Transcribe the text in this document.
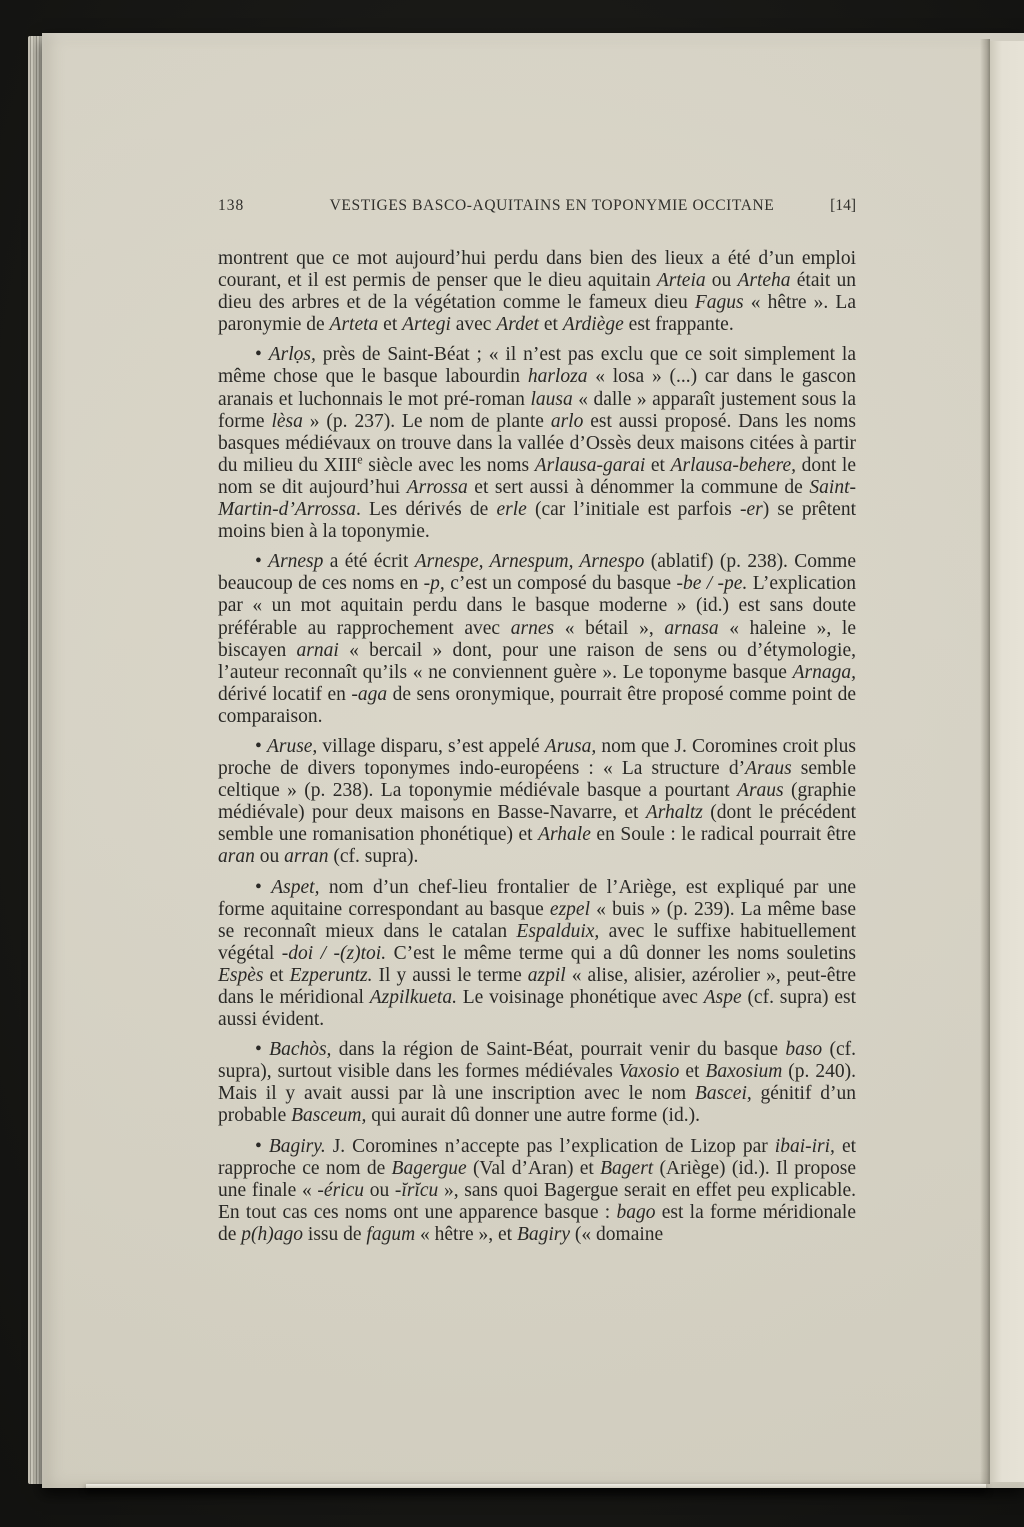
138	VESTIGES BASCO-AQUITAINS EN TOPONYMIE OCCITANE	[14]

montrent que ce mot aujourd’hui perdu dans bien des lieux a été d’un emploi courant, et il est permis de penser que le dieu aquitain Arteia ou Arteha était un dieu des arbres et de la végétation comme le fameux dieu Fagus « hêtre ». La paronymie de Arteta et Artegi avec Ardet et Ardiège est frappante.

• Arlọs, près de Saint-Béat ; « il n’est pas exclu que ce soit simplement la même chose que le basque labourdin harloza « losa » (...) car dans le gascon aranais et luchonnais le mot pré-roman lausa « dalle » apparaît justement sous la forme lèsa » (p. 237). Le nom de plante arlo est aussi proposé. Dans les noms basques médiévaux on trouve dans la vallée d’Ossès deux maisons citées à partir du milieu du XIIIe siècle avec les noms Arlausa-garai et Arlausa-behere, dont le nom se dit aujourd’hui Arrossa et sert aussi à dénommer la commune de Saint-Martin-d’Arrossa. Les dérivés de erle (car l’initiale est parfois -er) se prêtent moins bien à la toponymie.

• Arnesp a été écrit Arnespe, Arnespum, Arnespo (ablatif) (p. 238). Comme beaucoup de ces noms en -p, c’est un composé du basque -be / -pe. L’explication par « un mot aquitain perdu dans le basque moderne » (id.) est sans doute préférable au rapprochement avec arnes « bétail », arnasa « haleine », le biscayen arnai « bercail » dont, pour une raison de sens ou d’étymologie, l’auteur reconnaît qu’ils « ne conviennent guère ». Le toponyme basque Arnaga, dérivé locatif en -aga de sens oronymique, pourrait être proposé comme point de comparaison.

• Aruse, village disparu, s’est appelé Arusa, nom que J. Coromines croit plus proche de divers toponymes indo-européens : « La structure d’Araus semble celtique » (p. 238). La toponymie médiévale basque a pourtant Araus (graphie médiévale) pour deux maisons en Basse-Navarre, et Arhaltz (dont le précédent semble une romanisation phonétique) et Arhale en Soule : le radical pourrait être aran ou arran (cf. supra).

• Aspet, nom d’un chef-lieu frontalier de l’Ariège, est expliqué par une forme aquitaine correspondant au basque ezpel « buis » (p. 239). La même base se reconnaît mieux dans le catalan Espalduix, avec le suffixe habituellement végétal -doi / -(z)toi. C’est le même terme qui a dû donner les noms souletins Espès et Ezperuntz. Il y aussi le terme azpil « alise, alisier, azérolier », peut-être dans le méridional Azpilkueta. Le voisinage phonétique avec Aspe (cf. supra) est aussi évident.

• Bachòs, dans la région de Saint-Béat, pourrait venir du basque baso (cf. supra), surtout visible dans les formes médiévales Vaxosio et Baxosium (p. 240). Mais il y avait aussi par là une inscription avec le nom Bascei, génitif d’un probable Basceum, qui aurait dû donner une autre forme (id.).

• Bagiry. J. Coromines n’accepte pas l’explication de Lizop par ibai-iri, et rapproche ce nom de Bagergue (Val d’Aran) et Bagert (Ariège) (id.). Il propose une finale « -éricu ou -ĭrĭcu », sans quoi Bagergue serait en effet peu explicable. En tout cas ces noms ont une apparence basque : bago est la forme méridionale de p(h)ago issu de fagum « hêtre », et Bagiry (« domaine
